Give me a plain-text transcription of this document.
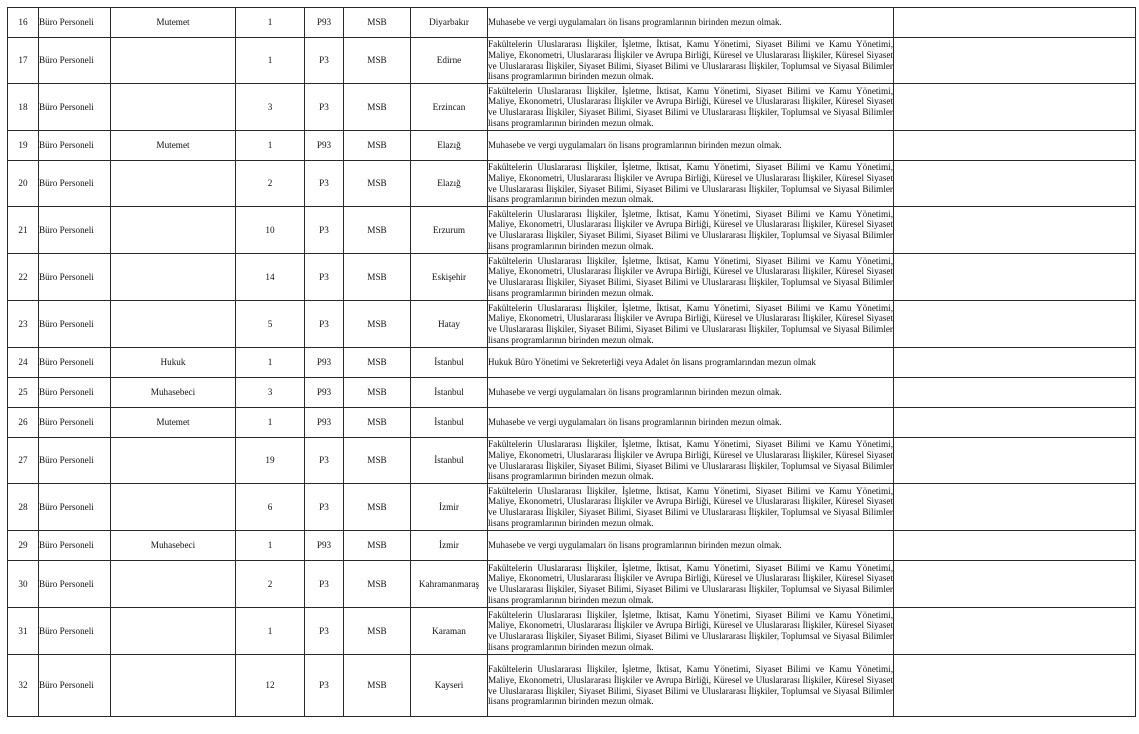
16	Büro Personeli	Mutemet	1	P93	MSB	Diyarbakır	Muhasebe ve vergi uygulamaları ön lisans programlarının birinden mezun olmak.	
17	Büro Personeli		1	P3	MSB	Edirne	Fakültelerin Uluslararası İlişkiler, İşletme, İktisat, Kamu Yönetimi, Siyaset Bilimi ve Kamu Yönetimi, Maliye, Ekonometri, Uluslararası İlişkiler ve Avrupa Birliği, Küresel ve Uluslararası İlişkiler, Küresel Siyaset ve Uluslararası İlişkiler, Siyaset Bilimi, Siyaset Bilimi ve Uluslararası İlişkiler, Toplumsal ve Siyasal Bilimler lisans programlarının birinden mezun olmak.	
18	Büro Personeli		3	P3	MSB	Erzincan	Fakültelerin Uluslararası İlişkiler, İşletme, İktisat, Kamu Yönetimi, Siyaset Bilimi ve Kamu Yönetimi, Maliye, Ekonometri, Uluslararası İlişkiler ve Avrupa Birliği, Küresel ve Uluslararası İlişkiler, Küresel Siyaset ve Uluslararası İlişkiler, Siyaset Bilimi, Siyaset Bilimi ve Uluslararası İlişkiler, Toplumsal ve Siyasal Bilimler lisans programlarının birinden mezun olmak.	
19	Büro Personeli	Mutemet	1	P93	MSB	Elazığ	Muhasebe ve vergi uygulamaları ön lisans programlarının birinden mezun olmak.	
20	Büro Personeli		2	P3	MSB	Elazığ	Fakültelerin Uluslararası İlişkiler, İşletme, İktisat, Kamu Yönetimi, Siyaset Bilimi ve Kamu Yönetimi, Maliye, Ekonometri, Uluslararası İlişkiler ve Avrupa Birliği, Küresel ve Uluslararası İlişkiler, Küresel Siyaset ve Uluslararası İlişkiler, Siyaset Bilimi, Siyaset Bilimi ve Uluslararası İlişkiler, Toplumsal ve Siyasal Bilimler lisans programlarının birinden mezun olmak.	
21	Büro Personeli		10	P3	MSB	Erzurum	Fakültelerin Uluslararası İlişkiler, İşletme, İktisat, Kamu Yönetimi, Siyaset Bilimi ve Kamu Yönetimi, Maliye, Ekonometri, Uluslararası İlişkiler ve Avrupa Birliği, Küresel ve Uluslararası İlişkiler, Küresel Siyaset ve Uluslararası İlişkiler, Siyaset Bilimi, Siyaset Bilimi ve Uluslararası İlişkiler, Toplumsal ve Siyasal Bilimler lisans programlarının birinden mezun olmak.	
22	Büro Personeli		14	P3	MSB	Eskişehir	Fakültelerin Uluslararası İlişkiler, İşletme, İktisat, Kamu Yönetimi, Siyaset Bilimi ve Kamu Yönetimi, Maliye, Ekonometri, Uluslararası İlişkiler ve Avrupa Birliği, Küresel ve Uluslararası İlişkiler, Küresel Siyaset ve Uluslararası İlişkiler, Siyaset Bilimi, Siyaset Bilimi ve Uluslararası İlişkiler, Toplumsal ve Siyasal Bilimler lisans programlarının birinden mezun olmak.	
23	Büro Personeli		5	P3	MSB	Hatay	Fakültelerin Uluslararası İlişkiler, İşletme, İktisat, Kamu Yönetimi, Siyaset Bilimi ve Kamu Yönetimi, Maliye, Ekonometri, Uluslararası İlişkiler ve Avrupa Birliği, Küresel ve Uluslararası İlişkiler, Küresel Siyaset ve Uluslararası İlişkiler, Siyaset Bilimi, Siyaset Bilimi ve Uluslararası İlişkiler, Toplumsal ve Siyasal Bilimler lisans programlarının birinden mezun olmak.	
24	Büro Personeli	Hukuk	1	P93	MSB	İstanbul	Hukuk Büro Yönetimi ve Sekreterliği veya Adalet ön lisans programlarından mezun olmak	
25	Büro Personeli	Muhasebeci	3	P93	MSB	İstanbul	Muhasebe ve vergi uygulamaları ön lisans programlarının birinden mezun olmak.	
26	Büro Personeli	Mutemet	1	P93	MSB	İstanbul	Muhasebe ve vergi uygulamaları ön lisans programlarının birinden mezun olmak.	
27	Büro Personeli		19	P3	MSB	İstanbul	Fakültelerin Uluslararası İlişkiler, İşletme, İktisat, Kamu Yönetimi, Siyaset Bilimi ve Kamu Yönetimi, Maliye, Ekonometri, Uluslararası İlişkiler ve Avrupa Birliği, Küresel ve Uluslararası İlişkiler, Küresel Siyaset ve Uluslararası İlişkiler, Siyaset Bilimi, Siyaset Bilimi ve Uluslararası İlişkiler, Toplumsal ve Siyasal Bilimler lisans programlarının birinden mezun olmak.	
28	Büro Personeli		6	P3	MSB	İzmir	Fakültelerin Uluslararası İlişkiler, İşletme, İktisat, Kamu Yönetimi, Siyaset Bilimi ve Kamu Yönetimi, Maliye, Ekonometri, Uluslararası İlişkiler ve Avrupa Birliği, Küresel ve Uluslararası İlişkiler, Küresel Siyaset ve Uluslararası İlişkiler, Siyaset Bilimi, Siyaset Bilimi ve Uluslararası İlişkiler, Toplumsal ve Siyasal Bilimler lisans programlarının birinden mezun olmak.	
29	Büro Personeli	Muhasebeci	1	P93	MSB	İzmir	Muhasebe ve vergi uygulamaları ön lisans programlarının birinden mezun olmak.	
30	Büro Personeli		2	P3	MSB	Kahramanmaraş	Fakültelerin Uluslararası İlişkiler, İşletme, İktisat, Kamu Yönetimi, Siyaset Bilimi ve Kamu Yönetimi, Maliye, Ekonometri, Uluslararası İlişkiler ve Avrupa Birliği, Küresel ve Uluslararası İlişkiler, Küresel Siyaset ve Uluslararası İlişkiler, Siyaset Bilimi, Siyaset Bilimi ve Uluslararası İlişkiler, Toplumsal ve Siyasal Bilimler lisans programlarının birinden mezun olmak.	
31	Büro Personeli		1	P3	MSB	Karaman	Fakültelerin Uluslararası İlişkiler, İşletme, İktisat, Kamu Yönetimi, Siyaset Bilimi ve Kamu Yönetimi, Maliye, Ekonometri, Uluslararası İlişkiler ve Avrupa Birliği, Küresel ve Uluslararası İlişkiler, Küresel Siyaset ve Uluslararası İlişkiler, Siyaset Bilimi, Siyaset Bilimi ve Uluslararası İlişkiler, Toplumsal ve Siyasal Bilimler lisans programlarının birinden mezun olmak.	
32	Büro Personeli		12	P3	MSB	Kayseri	Fakültelerin Uluslararası İlişkiler, İşletme, İktisat, Kamu Yönetimi, Siyaset Bilimi ve Kamu Yönetimi, Maliye, Ekonometri, Uluslararası İlişkiler ve Avrupa Birliği, Küresel ve Uluslararası İlişkiler, Küresel Siyaset ve Uluslararası İlişkiler, Siyaset Bilimi, Siyaset Bilimi ve Uluslararası İlişkiler, Toplumsal ve Siyasal Bilimler lisans programlarının birinden mezun olmak.	
